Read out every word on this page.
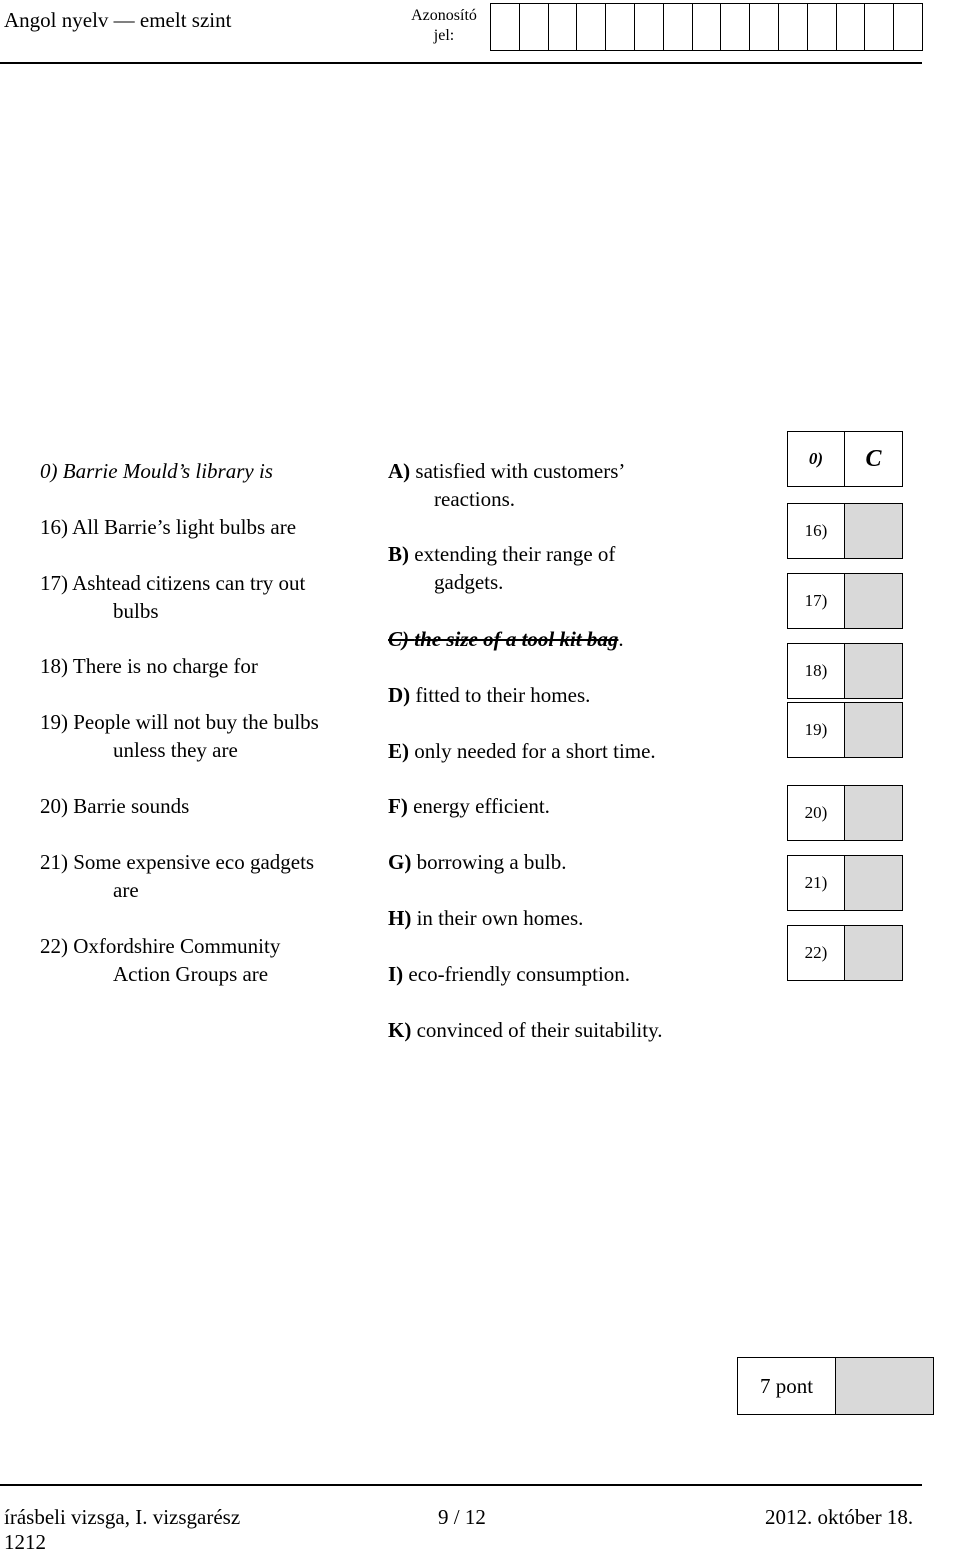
Angol nyelv — emelt szint	Azonosító
jel:
0) Barrie Mould’s library is
16) All Barrie’s light bulbs are
17) Ashtead citizens can try out
bulbs
18) There is no charge for
19) People will not buy the bulbs
unless they are
20) Barrie sounds
21) Some expensive eco gadgets
are
22) Oxfordshire Community
Action Groups are
A) satisfied with customers’
reactions.
B) extending their range of
gadgets.
C) the size of a tool kit bag.
D) fitted to their homes.
E) only needed for a short time.
F) energy efficient.
G) borrowing a bulb.
H) in their own homes.
I) eco-friendly consumption.
K) convinced of their suitability.
0)	C
16)
17)
18)
19)
20)
21)
22)
7 pont
írásbeli vizsga, I. vizsgarész
1212
9 / 12	2012. október 18.
